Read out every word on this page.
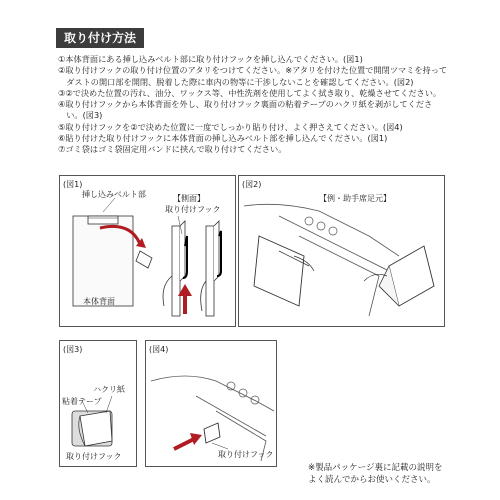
取り付け方法
①本体背面にある挿し込みベルト部に取り付けフックを挿し込んでください。(図1)
②取り付けフックの取り付け位置のアタリをつけてください。※アタリを付けた位置で開閉ツマミを持って
　ダストの開口部を開閉、脱着した際に車内の物等に干渉しないことを確認してください。(図2)
③②で決めた位置の汚れ、油分、ワックス等、中性洗剤を使用してよく拭き取り、乾燥させてください。
④取り付けフックから本体背面を外し、取り付けフック裏面の粘着テープのハクリ紙を剥がしてくださ
　い。(図3)
⑤取り付けフックを②で決めた位置に一度でしっかり貼り付け、よく押さえてください。(図4)
⑥貼り付けた取り付けフックに本体背面の挿し込みベルト部を挿し込んでください。(図1)
⑦ゴミ袋はゴミ袋固定用バンドに挟んで取り付けてください。
(図1)
挿し込みベルト部	【側面】
取り付けフック
本体背面
(図2)
【例・助手席足元】
(図3)
ハクリ紙
粘着テープ
取り付けフック
(図4)
取り付けフック
※製品パッケージ裏に記載の説明を
よく読んでからお使いください。
